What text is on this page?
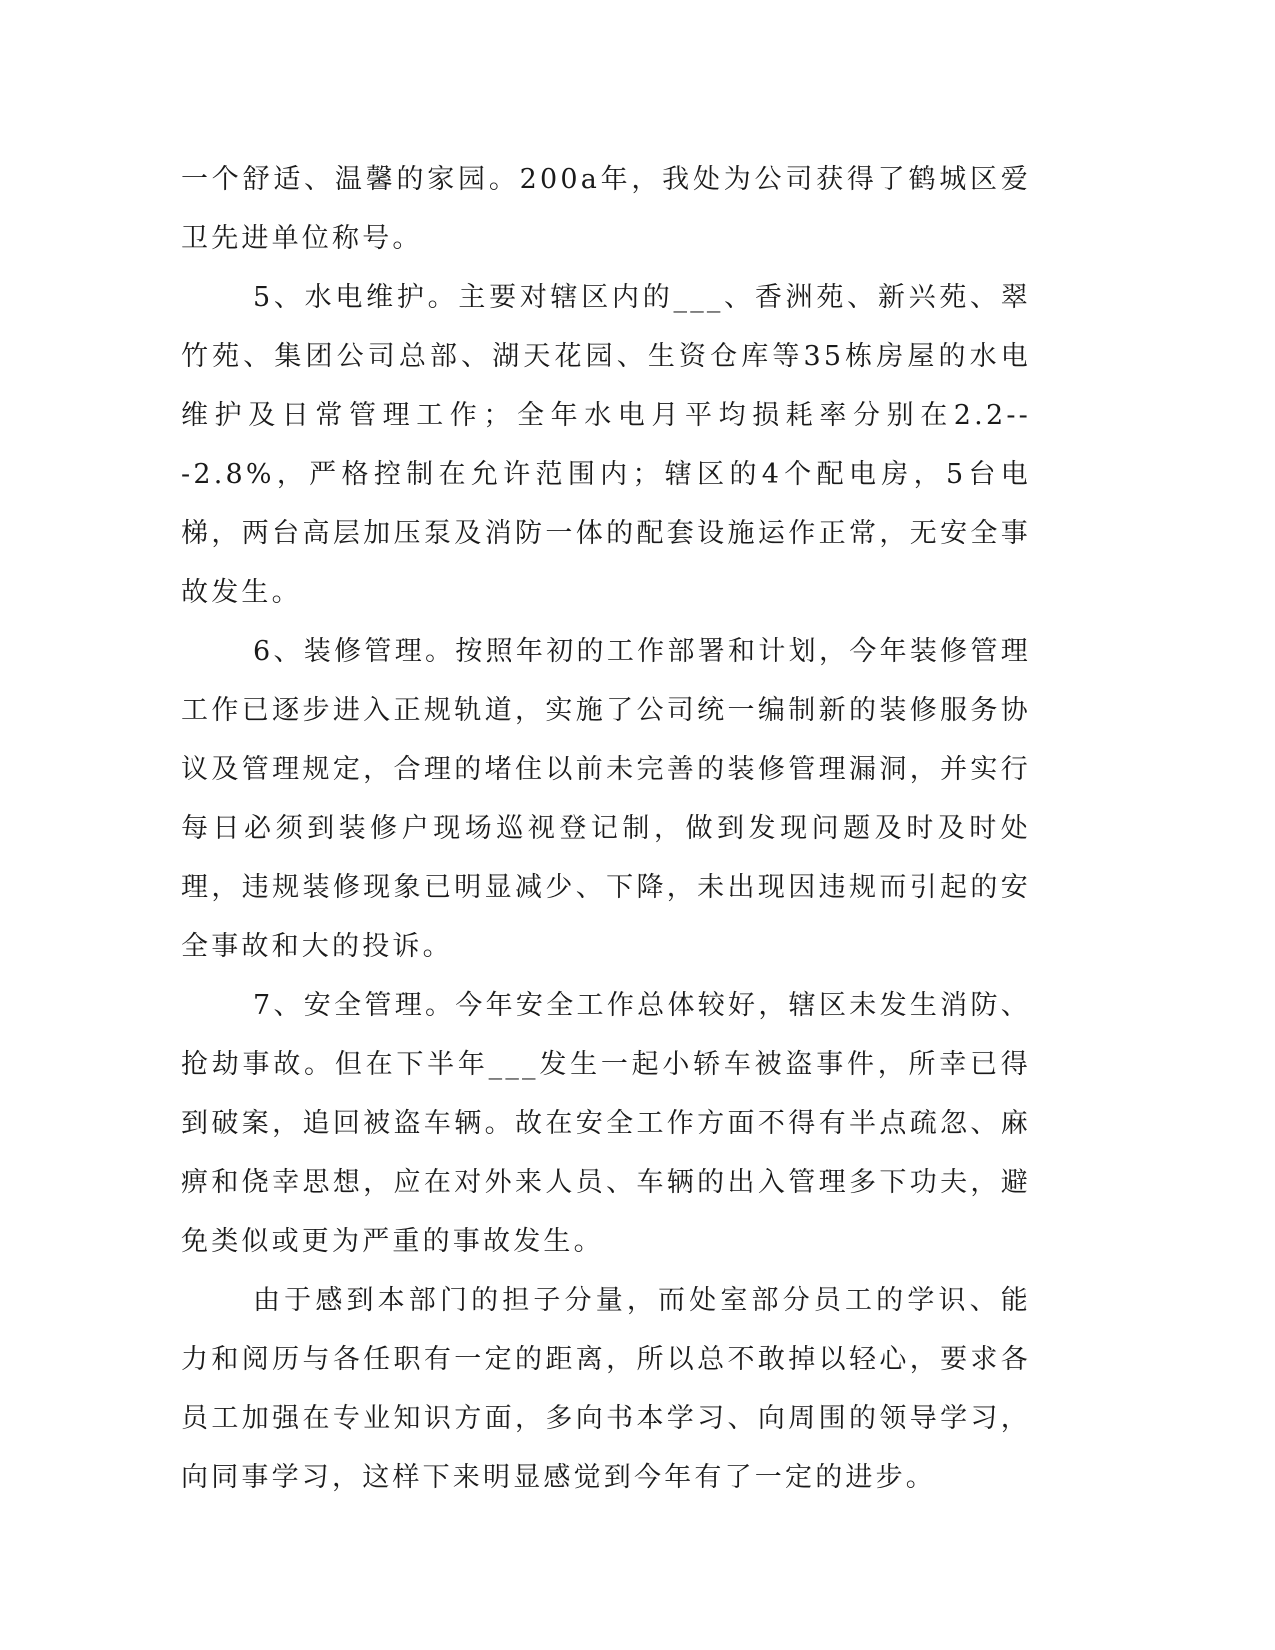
一个舒适、温馨的家园。200a年，我处为公司获得了鹤城区爱卫先进单位称号。

5、水电维护。主要对辖区内的___、香洲苑、新兴苑、翠竹苑、集团公司总部、湖天花园、生资仓库等35栋房屋的水电维护及日常管理工作；全年水电月平均损耗率分别在2.2---2.8%，严格控制在允许范围内；辖区的4个配电房，5台电梯，两台高层加压泵及消防一体的配套设施运作正常，无安全事故发生。

6、装修管理。按照年初的工作部署和计划，今年装修管理工作已逐步进入正规轨道，实施了公司统一编制新的装修服务协议及管理规定，合理的堵住以前未完善的装修管理漏洞，并实行每日必须到装修户现场巡视登记制，做到发现问题及时及时处理，违规装修现象已明显减少、下降，未出现因违规而引起的安全事故和大的投诉。

7、安全管理。今年安全工作总体较好，辖区未发生消防、抢劫事故。但在下半年___发生一起小轿车被盗事件，所幸已得到破案，追回被盗车辆。故在安全工作方面不得有半点疏忽、麻痹和侥幸思想，应在对外来人员、车辆的出入管理多下功夫，避免类似或更为严重的事故发生。

由于感到本部门的担子分量，而处室部分员工的学识、能力和阅历与各任职有一定的距离，所以总不敢掉以轻心，要求各员工加强在专业知识方面，多向书本学习、向周围的领导学习，向同事学习，这样下来明显感觉到今年有了一定的进步。
